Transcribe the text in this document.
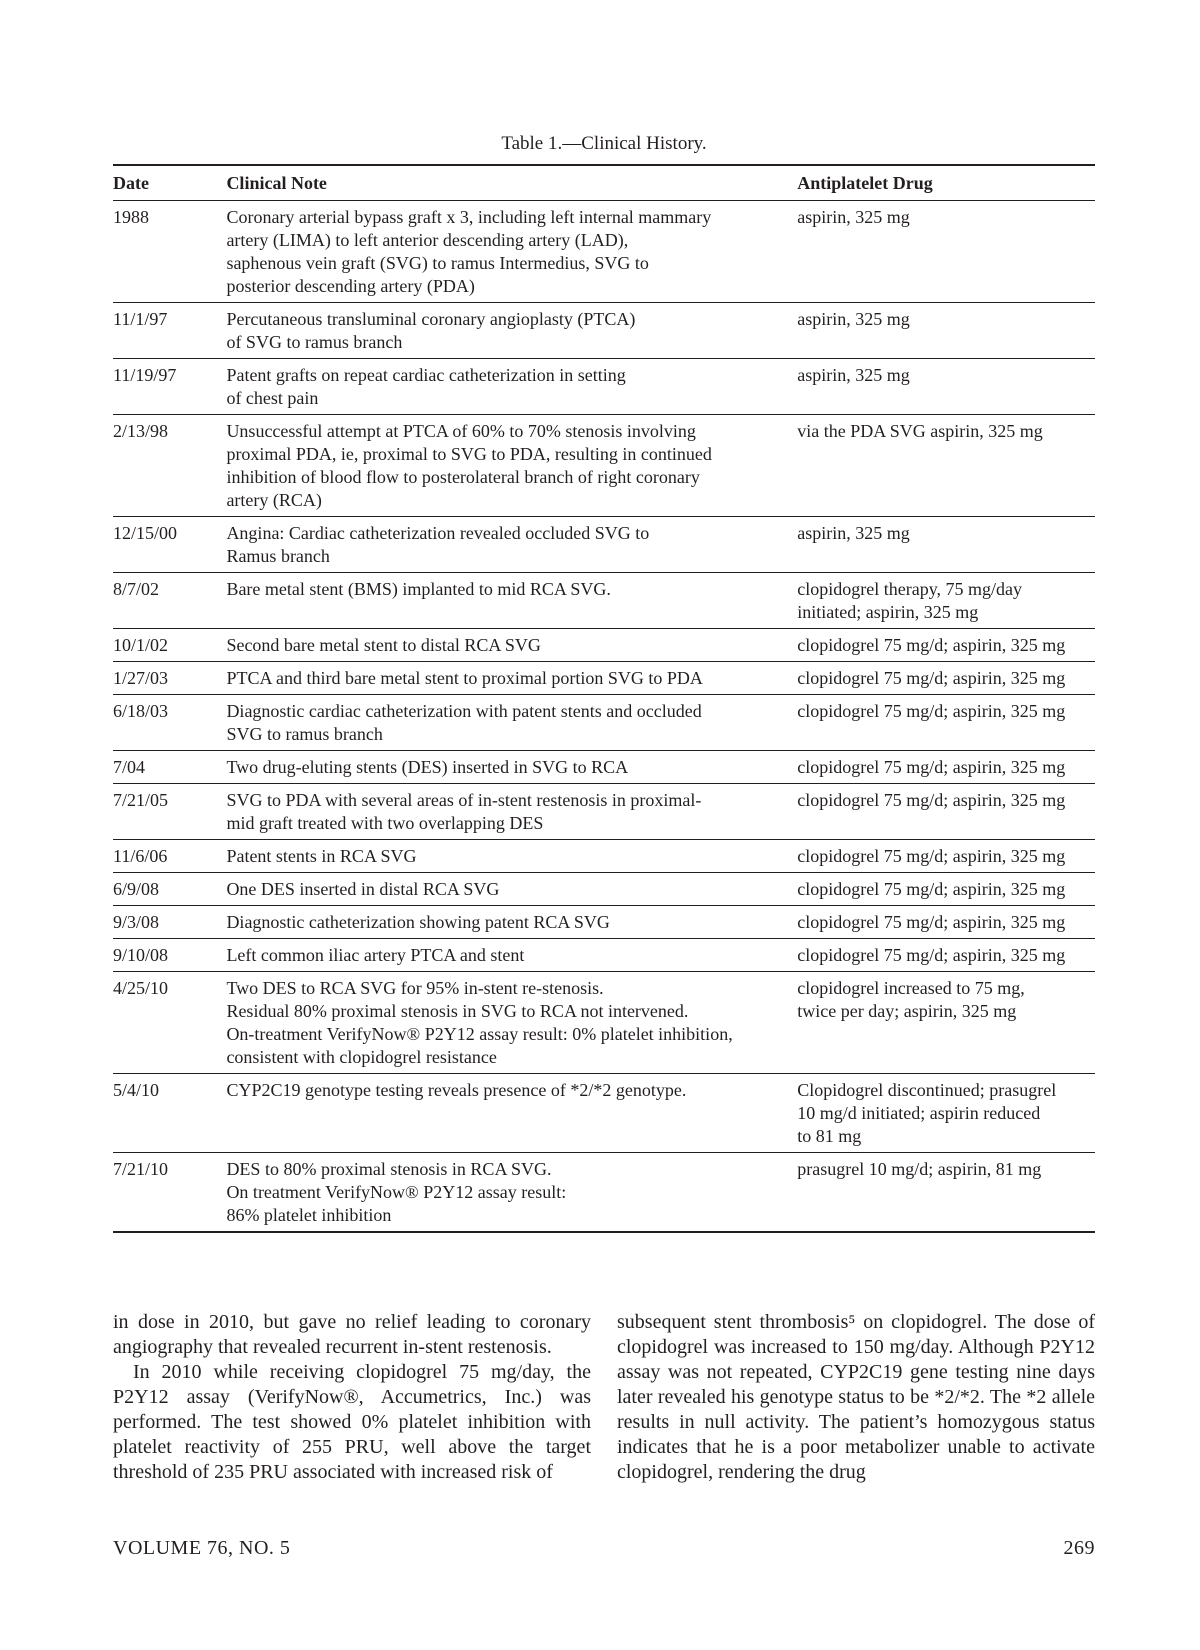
Table 1.—Clinical History.
Date	Clinical Note	Antiplatelet Drug
1988	Coronary arterial bypass graft x 3, including left internal mammary
artery (LIMA) to left anterior descending artery (LAD),
saphenous vein graft (SVG) to ramus Intermedius, SVG to
posterior descending artery (PDA)	aspirin, 325 mg

11/1/97	Percutaneous transluminal coronary angioplasty (PTCA)
of SVG to ramus branch	aspirin, 325 mg

11/19/97	Patent grafts on repeat cardiac catheterization in setting
of chest pain	aspirin, 325 mg

2/13/98	Unsuccessful attempt at PTCA of 60% to 70% stenosis involving
proximal PDA, ie, proximal to SVG to PDA, resulting in continued
inhibition of blood flow to posterolateral branch of right coronary
artery (RCA)	via the PDA SVG aspirin, 325 mg

12/15/00	Angina: Cardiac catheterization revealed occluded SVG to
Ramus branch	aspirin, 325 mg

8/7/02	Bare metal stent (BMS) implanted to mid RCA SVG.	clopidogrel therapy, 75 mg/day
initiated; aspirin, 325 mg

10/1/02	Second bare metal stent to distal RCA SVG	clopidogrel 75 mg/d; aspirin, 325 mg

1/27/03	PTCA and third bare metal stent to proximal portion SVG to PDA	clopidogrel 75 mg/d; aspirin, 325 mg

6/18/03	Diagnostic cardiac catheterization with patent stents and occluded
SVG to ramus branch	clopidogrel 75 mg/d; aspirin, 325 mg

7/04	Two drug-eluting stents (DES) inserted in SVG to RCA	clopidogrel 75 mg/d; aspirin, 325 mg

7/21/05	SVG to PDA with several areas of in-stent restenosis in proximal-
mid graft treated with two overlapping DES	clopidogrel 75 mg/d; aspirin, 325 mg

11/6/06	Patent stents in RCA SVG	clopidogrel 75 mg/d; aspirin, 325 mg

6/9/08	One DES inserted in distal RCA SVG	clopidogrel 75 mg/d; aspirin, 325 mg

9/3/08	Diagnostic catheterization showing patent RCA SVG	clopidogrel 75 mg/d; aspirin, 325 mg

9/10/08	Left common iliac artery PTCA and stent	clopidogrel 75 mg/d; aspirin, 325 mg

4/25/10	Two DES to RCA SVG for 95% in-stent re-stenosis.
Residual 80% proximal stenosis in SVG to RCA not intervened.
On-treatment VerifyNow® P2Y12 assay result: 0% platelet inhibition,
consistent with clopidogrel resistance	clopidogrel increased to 75 mg,
twice per day; aspirin, 325 mg

5/4/10	CYP2C19 genotype testing reveals presence of *2/*2 genotype.	Clopidogrel discontinued; prasugrel
10 mg/d initiated; aspirin reduced
to 81 mg

7/21/10	DES to 80% proximal stenosis in RCA SVG.
On treatment VerifyNow® P2Y12 assay result:
86% platelet inhibition	prasugrel 10 mg/d; aspirin, 81 mg

in dose in 2010, but gave no relief leading to coronary angiography that revealed recurrent in-stent restenosis.

In 2010 while receiving clopidogrel 75 mg/day, the P2Y12 assay (VerifyNow®, Accumetrics, Inc.) was performed. The test showed 0% platelet inhibition with platelet reactivity of 255 PRU, well above the target threshold of 235 PRU associated with increased risk of

subsequent stent thrombosis⁵ on clopidogrel. The dose of clopidogrel was increased to 150 mg/day. Although P2Y12 assay was not repeated, CYP2C19 gene testing nine days later revealed his genotype status to be *2/*2. The *2 allele results in null activity. The patient’s homozygous status indicates that he is a poor metabolizer unable to activate clopidogrel, rendering the drug

VOLUME 76, NO. 5	269
